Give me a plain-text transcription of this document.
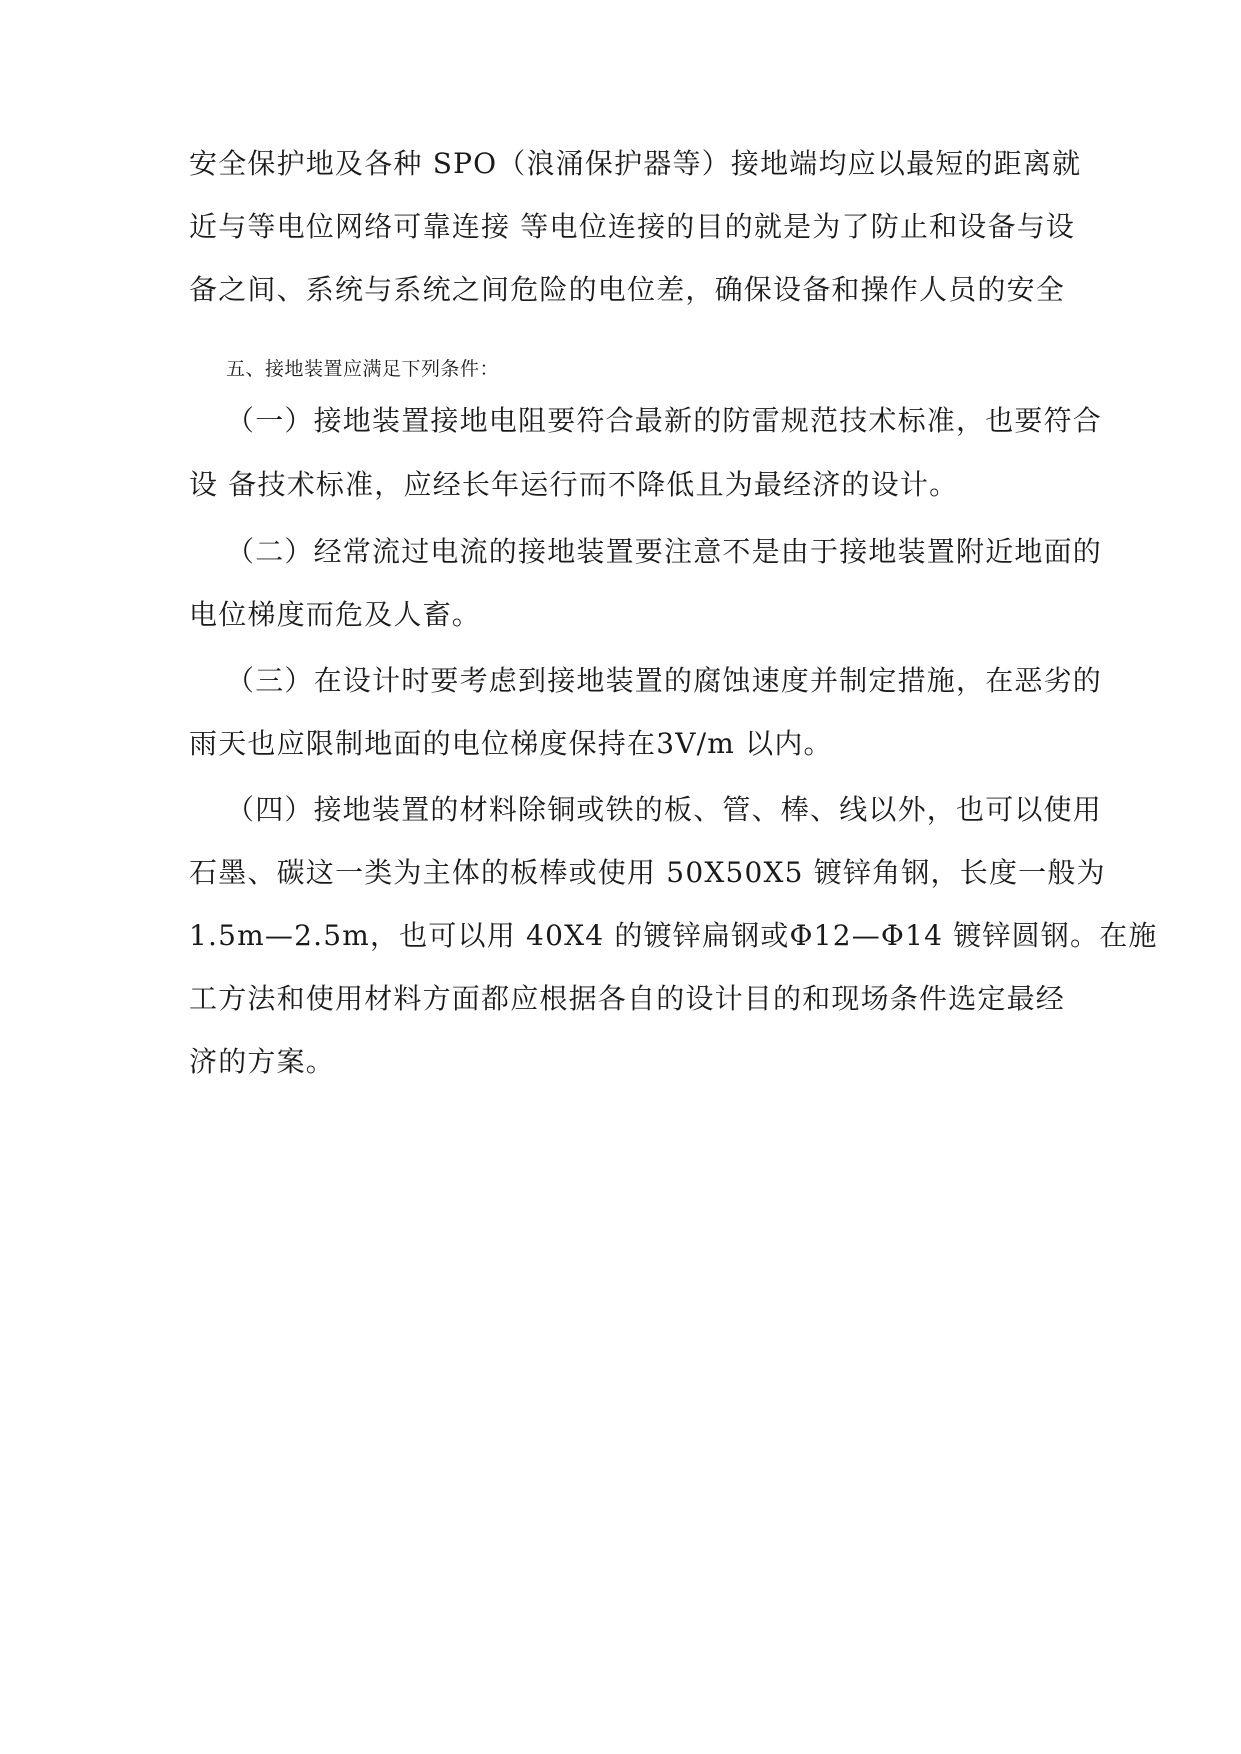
安全保护地及各种 SPO（浪涌保护器等）接地端均应以最短的距离就
近与等电位网络可靠连接 等电位连接的目的就是为了防止和设备与设
备之间、系统与系统之间危险的电位差，确保设备和操作人员的安全
五、接地装置应满足下列条件：
（一）接地装置接地电阻要符合最新的防雷规范技术标准，也要符合
设 备技术标准，应经长年运行而不降低且为最经济的设计。
（二）经常流过电流的接地装置要注意不是由于接地装置附近地面的
电位梯度而危及人畜。
（三）在设计时要考虑到接地装置的腐蚀速度并制定措施，在恶劣的
雨天也应限制地面的电位梯度保持在3V/m 以内。
（四）接地装置的材料除铜或铁的板、管、棒、线以外，也可以使用
石墨、碳这一类为主体的板棒或使用 50X50X5 镀锌角钢，长度一般为
1.5m—2.5m，也可以用 40X4 的镀锌扁钢或Φ12—Φ14 镀锌圆钢。在施
工方法和使用材料方面都应根据各自的设计目的和现场条件选定最经
济的方案。
